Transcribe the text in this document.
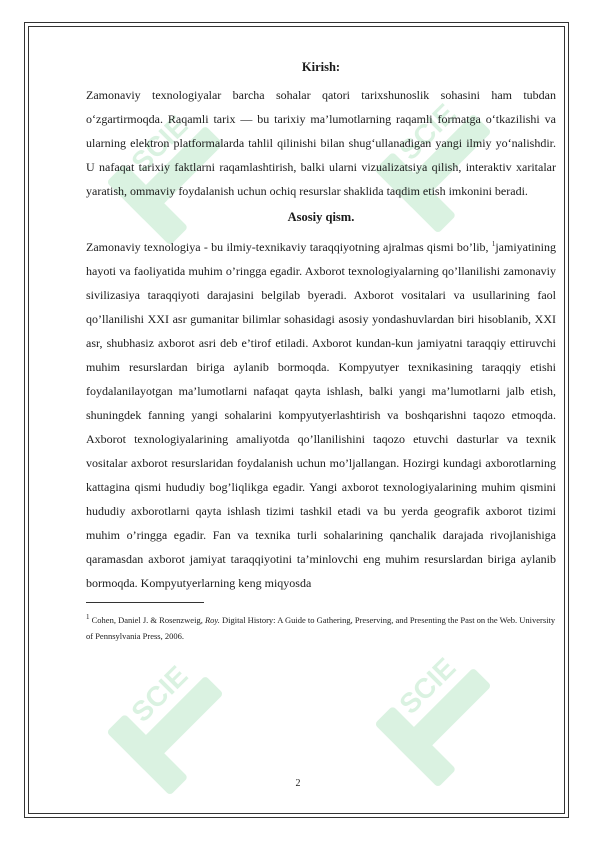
SCIE	SCIE
SCIE	SCIE
Kirish:

Zamonaviy texnologiyalar barcha sohalar qatori tarixshunoslik sohasini ham tubdan o‘zgartirmoqda. Raqamli tarix — bu tarixiy ma’lumotlarning raqamli formatga o‘tkazilishi va ularning elektron platformalarda tahlil qilinishi bilan shug‘ullanadigan yangi ilmiy yo‘nalishdir. U nafaqat tarixiy faktlarni raqamlashtirish, balki ularni vizualizatsiya qilish, interaktiv xaritalar yaratish, ommaviy foydalanish uchun ochiq resurslar shaklida taqdim etish imkonini beradi.

Asosiy qism.

Zamonaviy texnologiya - bu ilmiy-texnikaviy taraqqiyotning ajralmas qismi bo’lib, $^1$jamiyatining hayoti va faoliyatida muhim o’ringga egadir. Axborot texnologiyalarning qo’llanilishi zamonaviy sivilizasiya taraqqiyoti darajasini belgilab byeradi. Axborot vositalari va usullarining faol qo’llanilishi XXI asr gumanitar bilimlar sohasidagi asosiy yondashuvlardan biri hisoblanib, XXI asr, shubhasiz axborot asri deb e’tirof etiladi. Axborot kundan-kun jamiyatni taraqqiy ettiruvchi muhim resurslardan biriga aylanib bormoqda. Kompyutyer texnikasining taraqqiy etishi foydalanilayotgan ma’lumotlarni nafaqat qayta ishlash, balki yangi ma’lumotlarni jalb etish, shuningdek fanning yangi sohalarini kompyutyerlashtirish va boshqarishni taqozo etmoqda. Axborot texnologiyalarining amaliyotda qo’llanilishini taqozo etuvchi dasturlar va texnik vositalar axborot resurslaridan foydalanish uchun mo’ljallangan. Hozirgi kundagi axborotlarning kattagina qismi hududiy bog’liqlikga egadir. Yangi axborot texnologiyalarining muhim qismini hududiy axborotlarni qayta ishlash tizimi tashkil etadi va bu yerda geografik axborot tizimi muhim o’ringga egadir. Fan va texnika turli sohalarining qanchalik darajada rivojlanishiga qaramasdan axborot jamiyat taraqqiyotini ta’minlovchi eng muhim resurslardan biriga aylanib bormoqda. Kompyutyerlarning keng miqyosda

$^1$ Cohen, Daniel J. & Rosenzweig, Roy. Digital History: A Guide to Gathering, Preserving, and Presenting the Past on the Web. University of Pennsylvania Press, 2006.

2
